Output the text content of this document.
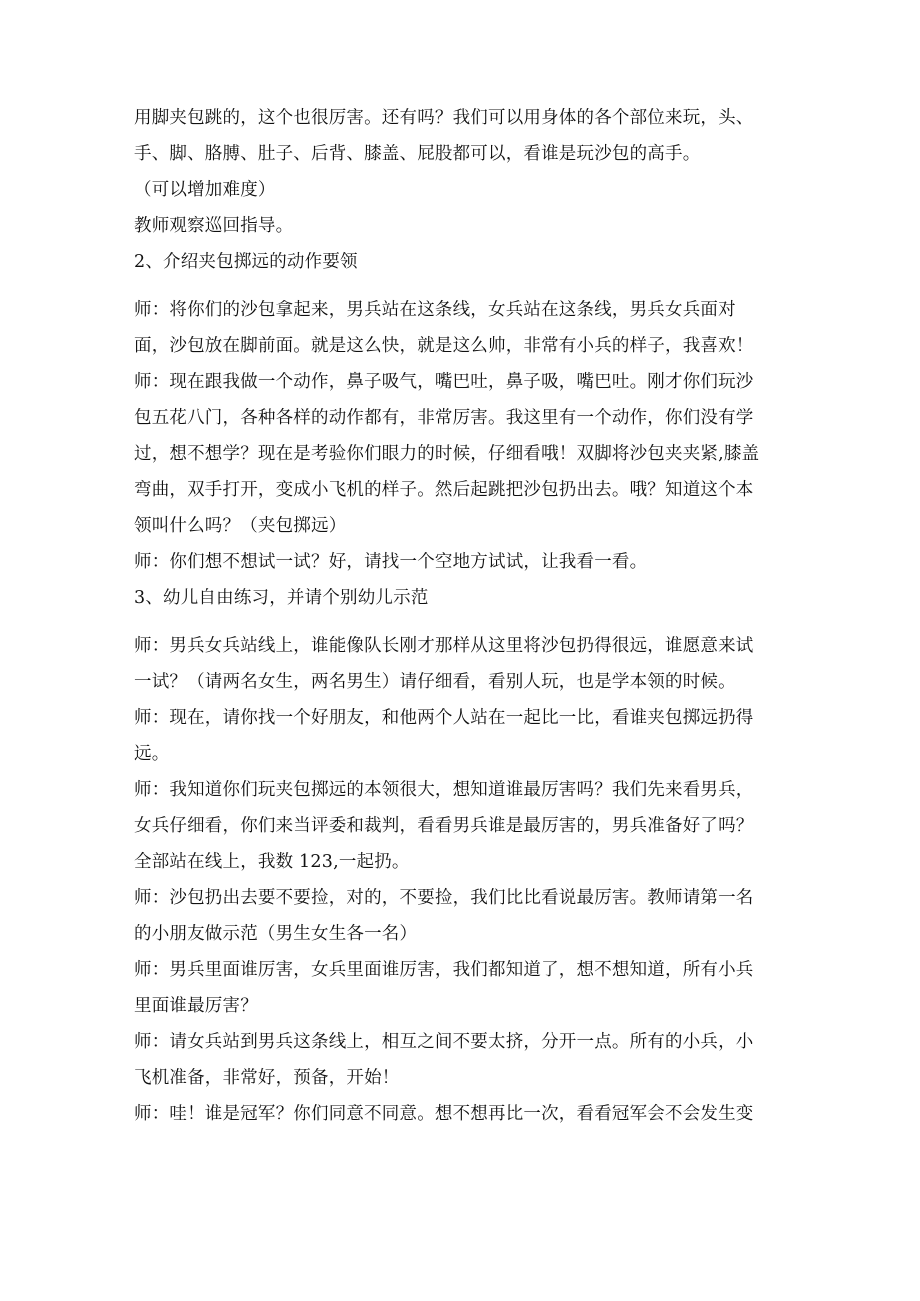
用脚夹包跳的，这个也很厉害。还有吗？我们可以用身体的各个部位来玩，头、
手、脚、胳膊、肚子、后背、膝盖、屁股都可以，看谁是玩沙包的高手。
（可以增加难度）
教师观察巡回指导。
2、介绍夹包掷远的动作要领
师：将你们的沙包拿起来，男兵站在这条线，女兵站在这条线，男兵女兵面对
面，沙包放在脚前面。就是这么快，就是这么帅，非常有小兵的样子，我喜欢！
师：现在跟我做一个动作，鼻子吸气，嘴巴吐，鼻子吸，嘴巴吐。刚才你们玩沙
包五花八门，各种各样的动作都有，非常厉害。我这里有一个动作，你们没有学
过，想不想学？现在是考验你们眼力的时候，仔细看哦！双脚将沙包夹夹紧,膝盖
弯曲，双手打开，变成小飞机的样子。然后起跳把沙包扔出去。哦？知道这个本
领叫什么吗？（夹包掷远）
师：你们想不想试一试？好，请找一个空地方试试，让我看一看。
3、幼儿自由练习，并请个别幼儿示范
师：男兵女兵站线上，谁能像队长刚才那样从这里将沙包扔得很远，谁愿意来试
一试？（请两名女生，两名男生）请仔细看，看别人玩，也是学本领的时候。
师：现在，请你找一个好朋友，和他两个人站在一起比一比，看谁夹包掷远扔得
远。
师：我知道你们玩夹包掷远的本领很大，想知道谁最厉害吗？我们先来看男兵，
女兵仔细看，你们来当评委和裁判，看看男兵谁是最厉害的，男兵准备好了吗？
全部站在线上，我数 123,一起扔。
师：沙包扔出去要不要捡，对的，不要捡，我们比比看说最厉害。教师请第一名
的小朋友做示范（男生女生各一名）
师：男兵里面谁厉害，女兵里面谁厉害，我们都知道了，想不想知道，所有小兵
里面谁最厉害？
师：请女兵站到男兵这条线上，相互之间不要太挤，分开一点。所有的小兵，小
飞机准备，非常好，预备，开始！
师：哇！谁是冠军？你们同意不同意。想不想再比一次，看看冠军会不会发生变
